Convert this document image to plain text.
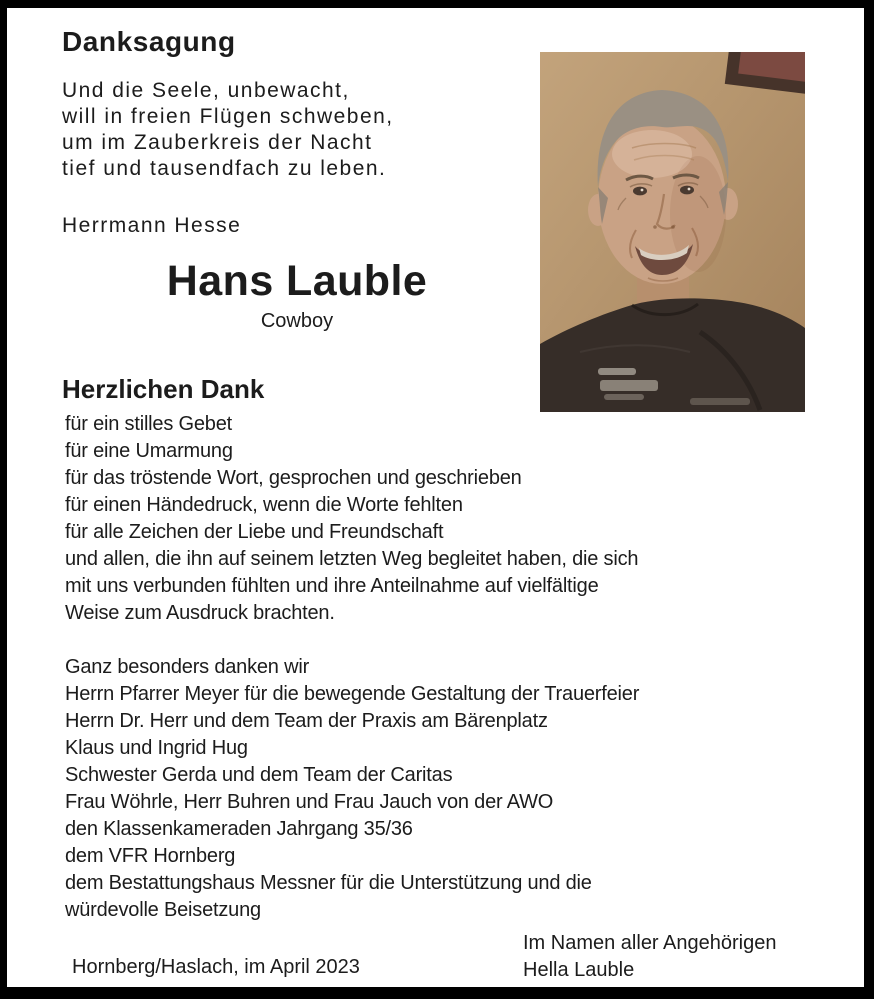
Danksagung
Und die Seele, unbewacht,
will in freien Flügen schweben,
um im Zauberkreis der Nacht
tief und tausendfach zu leben.
Herrmann Hesse
Hans Lauble
Cowboy
Herzlichen Dank
für ein stilles Gebet
für eine Umarmung
für das tröstende Wort, gesprochen und geschrieben
für einen Händedruck, wenn die Worte fehlten
für alle Zeichen der Liebe und Freundschaft
und allen, die ihn auf seinem letzten Weg begleitet haben, die sich
mit uns verbunden fühlten und ihre Anteilnahme auf vielfältige
Weise zum Ausdruck brachten.
Ganz besonders danken wir
Herrn Pfarrer Meyer für die bewegende Gestaltung der Trauerfeier
Herrn Dr. Herr und dem Team der Praxis am Bärenplatz
Klaus und Ingrid Hug
Schwester Gerda und dem Team der Caritas
Frau Wöhrle, Herr Buhren und Frau Jauch von der AWO
den Klassenkameraden Jahrgang 35/36
dem VFR Hornberg
dem Bestattungshaus Messner für die Unterstützung und die
würdevolle Beisetzung
Im Namen aller Angehörigen
Hella Lauble
Hornberg/Haslach, im April 2023
